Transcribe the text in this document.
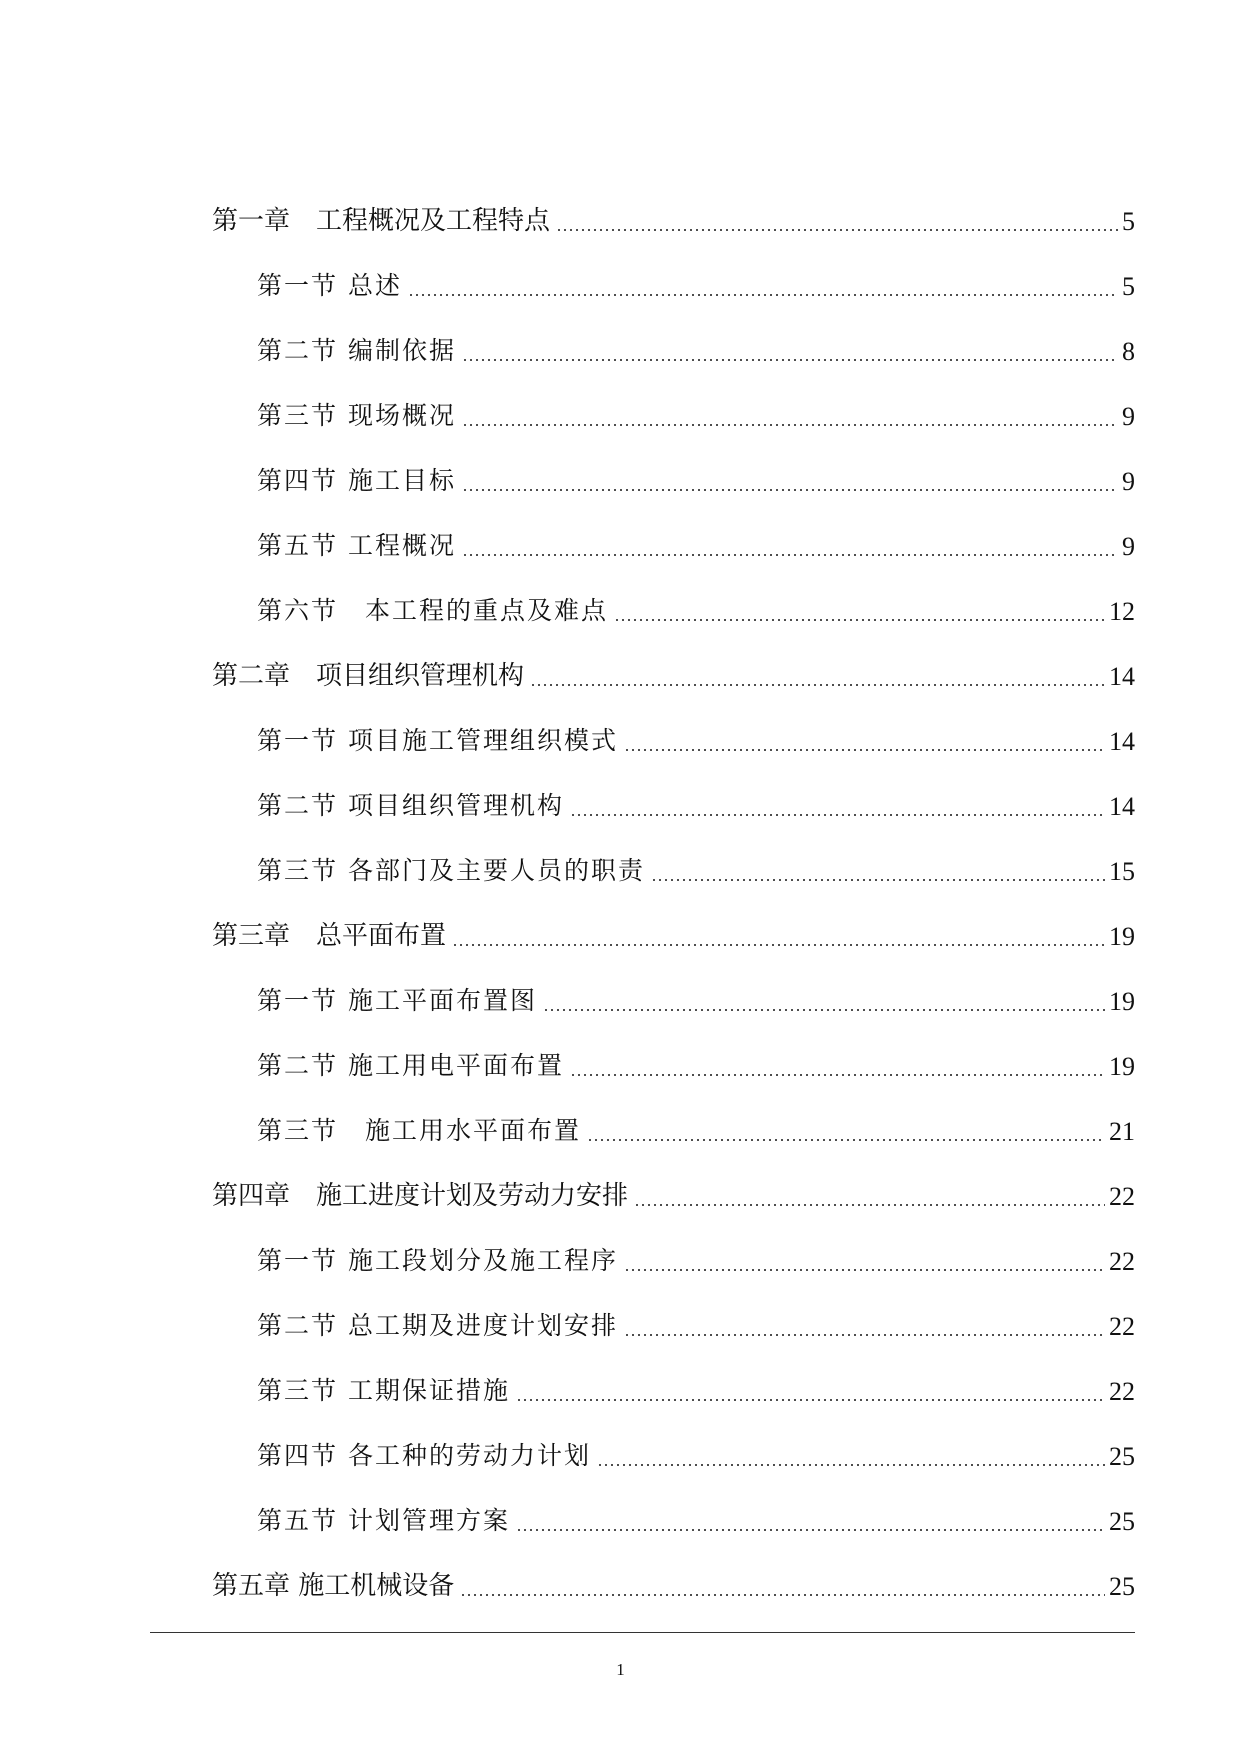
第一章　工程概况及工程特点	5
第一节 总述	5
第二节 编制依据	8
第三节 现场概况	9
第四节 施工目标	9
第五节 工程概况	9
第六节　本工程的重点及难点	12
第二章　项目组织管理机构	14
第一节 项目施工管理组织模式	14
第二节 项目组织管理机构	14
第三节 各部门及主要人员的职责	15
第三章　总平面布置	19
第一节 施工平面布置图	19
第二节 施工用电平面布置	19
第三节　施工用水平面布置	21
第四章　施工进度计划及劳动力安排	22
第一节 施工段划分及施工程序	22
第二节 总工期及进度计划安排	22
第三节 工期保证措施	22
第四节 各工种的劳动力计划	25
第五节 计划管理方案	25
第五章 施工机械设备	25
1
